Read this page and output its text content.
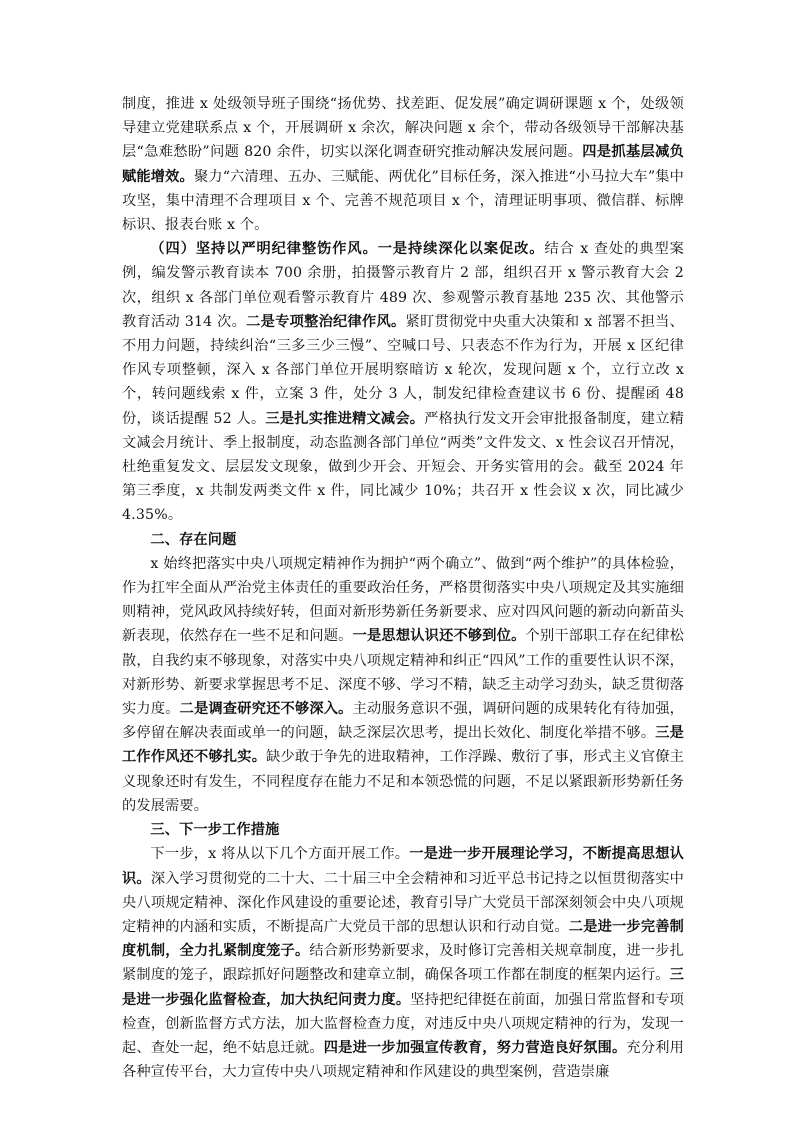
制度，推进 x 处级领导班子围绕“扬优势、找差距、促发展”确定调研课题 x 个，处级领导建立党建联系点 x 个，开展调研 x 余次，解决问题 x 余个，带动各级领导干部解决基层“急难愁盼”问题 820 余件，切实以深化调查研究推动解决发展问题。四是抓基层减负赋能增效。聚力“六清理、五办、三赋能、两优化”目标任务，深入推进“小马拉大车”集中攻坚，集中清理不合理项目 x 个、完善不规范项目 x 个，清理证明事项、微信群、标牌标识、报表台账 x 个。

（四）坚持以严明纪律整饬作风。一是持续深化以案促改。结合 x 查处的典型案例，编发警示教育读本 700 余册，拍摄警示教育片 2 部，组织召开 x 警示教育大会 2 次，组织 x 各部门单位观看警示教育片 489 次、参观警示教育基地 235 次、其他警示教育活动 314 次。二是专项整治纪律作风。紧盯贯彻党中央重大决策和 x 部署不担当、不用力问题，持续纠治“三多三少三慢”、空喊口号、只表态不作为行为，开展 x 区纪律作风专项整顿，深入 x 各部门单位开展明察暗访 x 轮次，发现问题 x 个，立行立改 x 个，转问题线索 x 件，立案 3 件，处分 3 人，制发纪律检查建议书 6 份、提醒函 48 份，谈话提醒 52 人。三是扎实推进精文减会。严格执行发文开会审批报备制度，建立精文减会月统计、季上报制度，动态监测各部门单位“两类”文件发文、x 性会议召开情况，杜绝重复发文、层层发文现象，做到少开会、开短会、开务实管用的会。截至 2024 年第三季度，x 共制发两类文件 x 件，同比减少 10%；共召开 x 性会议 x 次，同比减少 4.35%。

二、存在问题

x 始终把落实中央八项规定精神作为拥护“两个确立”、做到“两个维护”的具体检验，作为扛牢全面从严治党主体责任的重要政治任务，严格贯彻落实中央八项规定及其实施细则精神，党风政风持续好转，但面对新形势新任务新要求、应对四风问题的新动向新苗头新表现，依然存在一些不足和问题。一是思想认识还不够到位。个别干部职工存在纪律松散，自我约束不够现象，对落实中央八项规定精神和纠正“四风”工作的重要性认识不深，对新形势、新要求掌握思考不足、深度不够、学习不精，缺乏主动学习劲头，缺乏贯彻落实力度。二是调查研究还不够深入。主动服务意识不强，调研问题的成果转化有待加强，多停留在解决表面或单一的问题，缺乏深层次思考，提出长效化、制度化举措不够。三是工作作风还不够扎实。缺少敢于争先的进取精神，工作浮躁、敷衍了事，形式主义官僚主义现象还时有发生，不同程度存在能力不足和本领恐慌的问题，不足以紧跟新形势新任务的发展需要。

三、下一步工作措施

下一步，x 将从以下几个方面开展工作。一是进一步开展理论学习，不断提高思想认识。深入学习贯彻党的二十大、二十届三中全会精神和习近平总书记持之以恒贯彻落实中央八项规定精神、深化作风建设的重要论述，教育引导广大党员干部深刻领会中央八项规定精神的内涵和实质，不断提高广大党员干部的思想认识和行动自觉。二是进一步完善制度机制，全力扎紧制度笼子。结合新形势新要求，及时修订完善相关规章制度，进一步扎紧制度的笼子，跟踪抓好问题整改和建章立制，确保各项工作都在制度的框架内运行。三是进一步强化监督检查，加大执纪问责力度。坚持把纪律挺在前面，加强日常监督和专项检查，创新监督方式方法，加大监督检查力度，对违反中央八项规定精神的行为，发现一起、查处一起，绝不姑息迁就。四是进一步加强宣传教育，努力营造良好氛围。充分利用各种宣传平台，大力宣传中央八项规定精神和作风建设的典型案例，营造崇廉
